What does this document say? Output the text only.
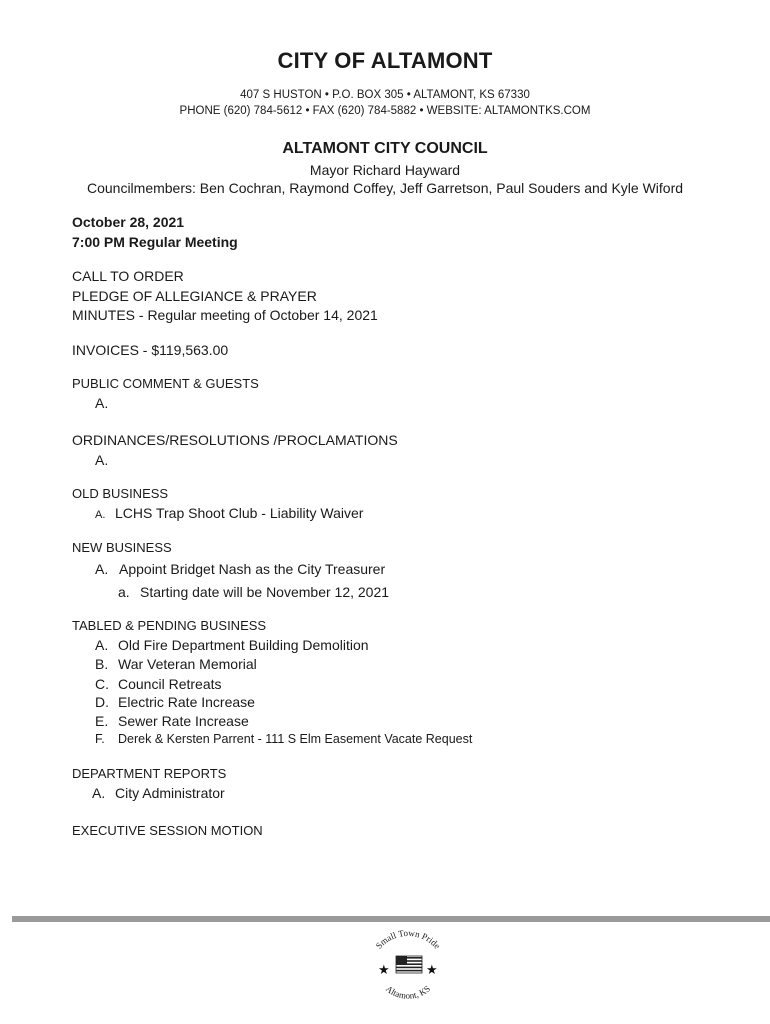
CITY OF ALTAMONT
407 S HUSTON • P.O. BOX 305 • ALTAMONT, KS 67330
PHONE (620) 784-5612 • FAX (620) 784-5882 • WEBSITE: ALTAMONTKS.COM
ALTAMONT CITY COUNCIL
Mayor Richard Hayward
Councilmembers: Ben Cochran, Raymond Coffey, Jeff Garretson, Paul Souders and Kyle Wiford
October 28, 2021
7:00 PM Regular Meeting
CALL TO ORDER
PLEDGE OF ALLEGIANCE & PRAYER
MINUTES - Regular meeting of October 14, 2021
INVOICES - $119,563.00
PUBLIC COMMENT & GUESTS
A.
ORDINANCES/RESOLUTIONS /PROCLAMATIONS
A.
OLD BUSINESS
A. LCHS Trap Shoot Club - Liability Waiver
NEW BUSINESS
A. Appoint Bridget Nash as the City Treasurer
a. Starting date will be November 12, 2021
TABLED & PENDING BUSINESS
A. Old Fire Department Building Demolition
B. War Veteran Memorial
C. Council Retreats
D. Electric Rate Increase
E. Sewer Rate Increase
F. Derek & Kersten Parrent - 111 S Elm Easement Vacate Request
DEPARTMENT REPORTS
A. City Administrator
EXECUTIVE SESSION MOTION
Small Town Pride
Altamont, KS
★	★
